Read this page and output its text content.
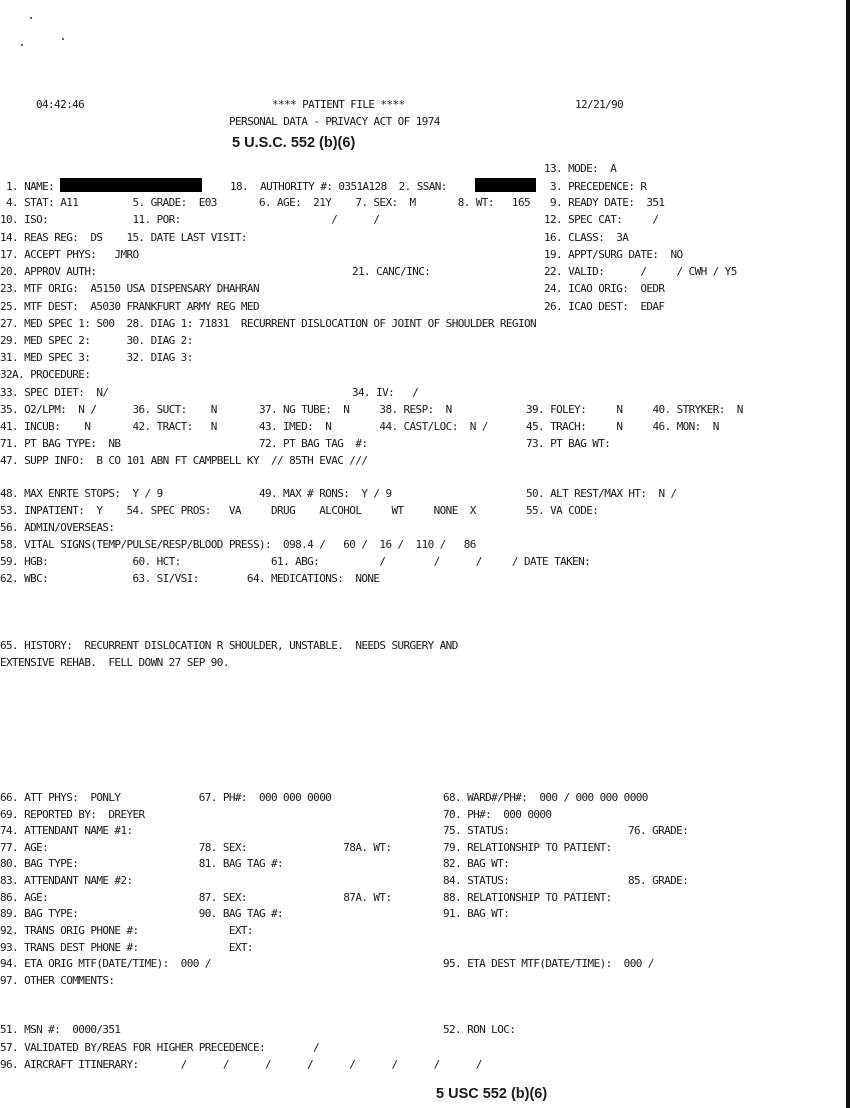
04:42:46	**** PATIENT FILE ****	12/21/90
PERSONAL DATA - PRIVACY ACT OF 1974
5 U.S.C. 552 (b)(6)
13. MODE:  A
1. NAME:	18.  AUTHORITY #: 0351A128  2. SSAN:	3. PRECEDENCE: R
4. STAT: A11         5. GRADE:  E03       6. AGE:  21Y    7. SEX:  M       8. WT:   165 9. READY DATE:  351
10. ISO:              11. POR:                         /      /	12. SPEC CAT:     /
14. REAS REG:  DS    15. DATE LAST VISIT:	16. CLASS:  3A
17. ACCEPT PHYS:   JMRO	19. APPT/SURG DATE:  NO
20. APPROV AUTH:	21. CANC/INC:	22. VALID:      /     / CWH / Y5
23. MTF ORIG:  A5150 USA DISPENSARY DHAHRAN	24. ICAO ORIG:  OEDR
25. MTF DEST:  A5030 FRANKFURT ARMY REG MED	26. ICAO DEST:  EDAF
27. MED SPEC 1: S00  28. DIAG 1: 71831  RECURRENT DISLOCATION OF JOINT OF SHOULDER REGION
29. MED SPEC 2:      30. DIAG 2:
31. MED SPEC 3:      32. DIAG 3:
32A. PROCEDURE:
33. SPEC DIET:  N/	34. IV:   /
35. O2/LPM:  N /      36. SUCT:    N       37. NG TUBE:  N     38. RESP:  N	39. FOLEY:     N     40. STRYKER:  N
41. INCUB:    N       42. TRACT:   N       43. IMED:  N        44. CAST/LOC:  N /	45. TRACH:     N     46. MON:  N
71. PT BAG TYPE:  NB                       72. PT BAG TAG  #:	73. PT BAG WT:
47. SUPP INFO:  B CO 101 ABN FT CAMPBELL KY  // 85TH EVAC ///
48. MAX ENRTE STOPS:  Y / 9                49. MAX # RONS:  Y / 9	50. ALT REST/MAX HT:  N /
53. INPATIENT:  Y    54. SPEC PROS:   VA     DRUG    ALCOHOL     WT     NONE  X	55. VA CODE:
56. ADMIN/OVERSEAS:
58. VITAL SIGNS(TEMP/PULSE/RESP/BLOOD PRESS):  098.4 /   60 /  16 /  110 /   86
59. HGB:              60. HCT:               61. ABG:          /        /      /     / DATE TAKEN:
62. WBC:              63. SI/VSI:        64. MEDICATIONS:  NONE
65. HISTORY:  RECURRENT DISLOCATION R SHOULDER, UNSTABLE.  NEEDS SURGERY AND
EXTENSIVE REHAB.  FELL DOWN 27 SEP 90.
66. ATT PHYS:  PONLY             67. PH#:  000 000 0000	68. WARD#/PH#:  000 / 000 000 0000
69. REPORTED BY:  DREYER	70. PH#:  000 0000
74. ATTENDANT NAME #1:	75. STATUS:	76. GRADE:
77. AGE:                         78. SEX:                78A. WT:	79. RELATIONSHIP TO PATIENT:
80. BAG TYPE:                    81. BAG TAG #:	82. BAG WT:
83. ATTENDANT NAME #2:	84. STATUS:	85. GRADE:
86. AGE:                         87. SEX:                87A. WT:	88. RELATIONSHIP TO PATIENT:
89. BAG TYPE:                    90. BAG TAG #:	91. BAG WT:
92. TRANS ORIG PHONE #:               EXT:
93. TRANS DEST PHONE #:               EXT:
94. ETA ORIG MTF(DATE/TIME):  000 /	95. ETA DEST MTF(DATE/TIME):  000 /
97. OTHER COMMENTS:
51. MSN #:  0000/351	52. RON LOC:
57. VALIDATED BY/REAS FOR HIGHER PRECEDENCE:        /
96. AIRCRAFT ITINERARY:       /      /      /      /      /      /      /      /
5 USC 552 (b)(6)
